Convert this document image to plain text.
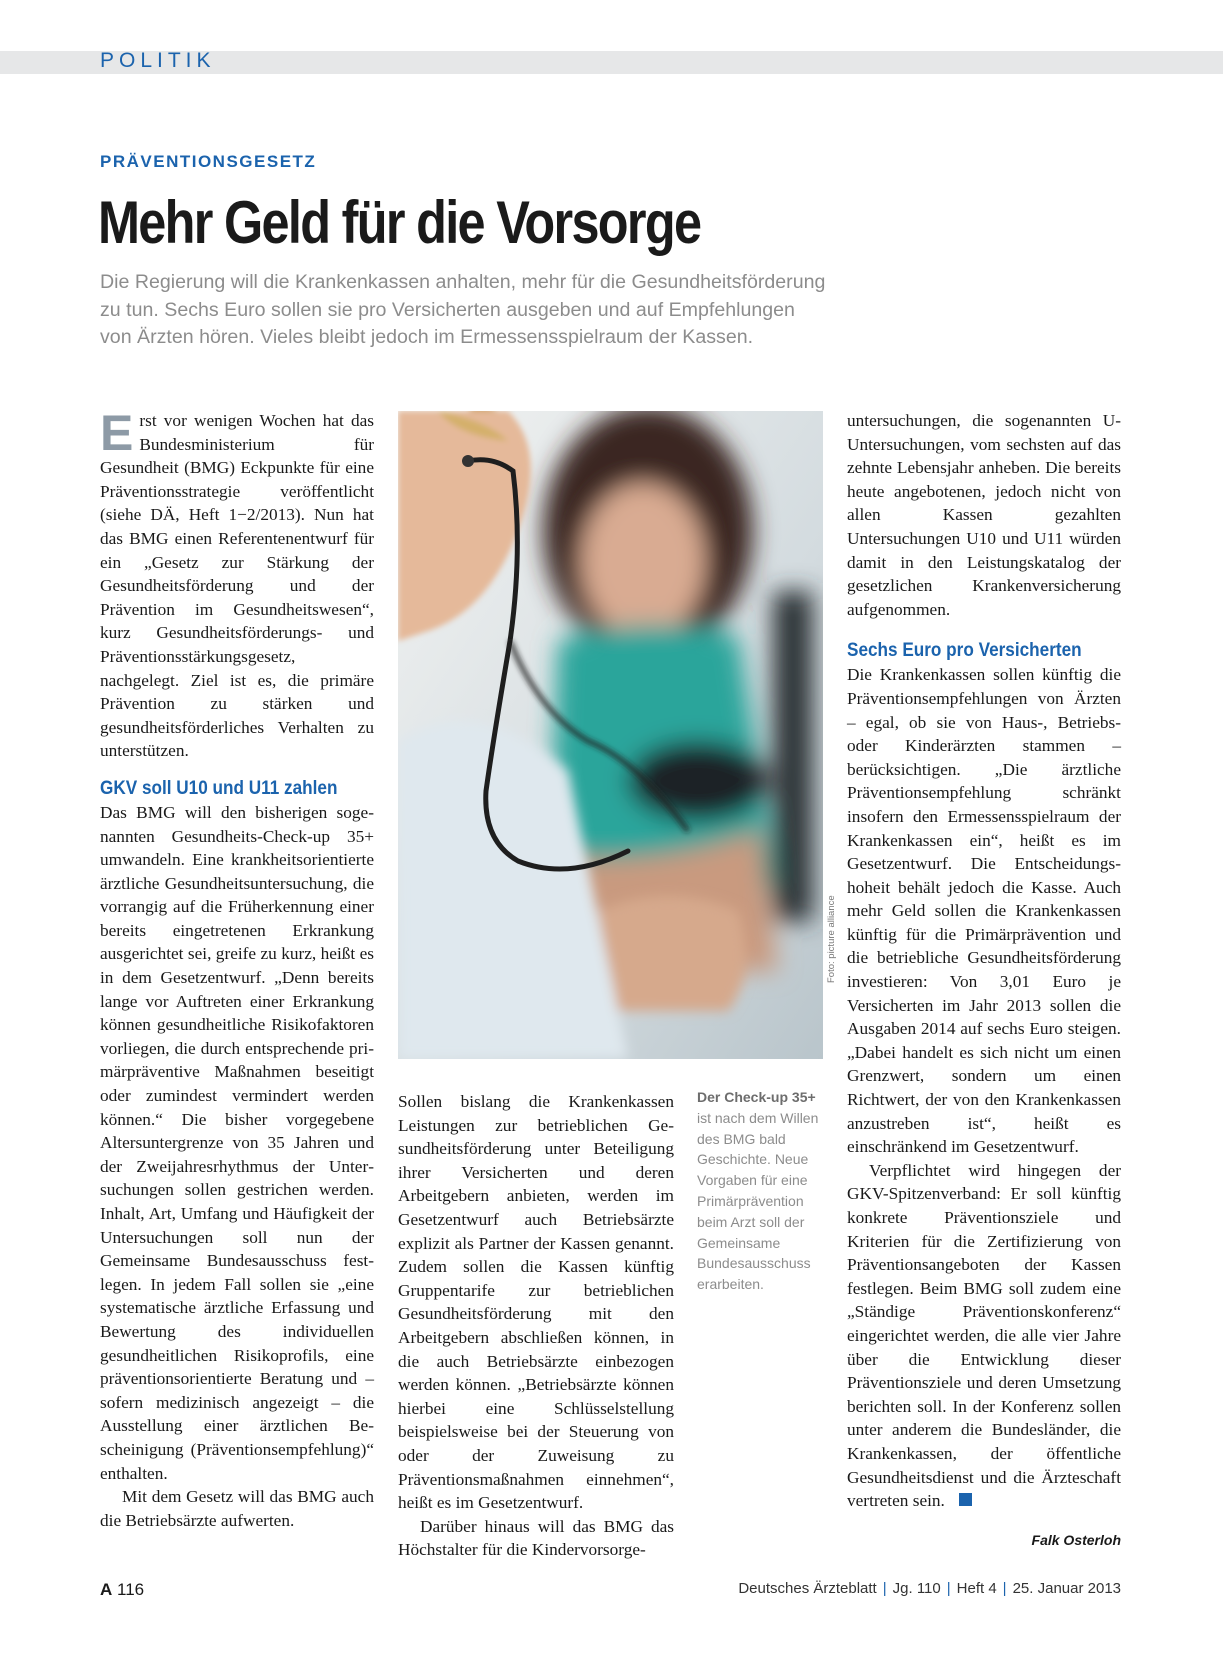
POLITIK
PRÄVENTIONSGESETZ
Mehr Geld für die Vorsorge

Die Regierung will die Krankenkassen anhalten, mehr für die Gesundheitsförderung
zu tun. Sechs Euro sollen sie pro Versicherten ausgeben und auf Empfehlungen
von Ärzten hören. Vieles bleibt jedoch im Ermessensspielraum der Kassen.

Erst vor wenigen Wochen hat das Bundesministerium für Gesundheit (BMG) Eckpunkte für eine Präventionsstrategie veröffentlicht (siehe DÄ, Heft 1−2/2013). Nun hat das BMG einen Referentenentwurf für ein „Gesetz zur Stärkung der Gesundheitsförderung und der Prävention im Gesundheitswesen“, kurz Gesundheitsförderungs- und Präventionsstärkungsgesetz, nachgelegt. Ziel ist es, die primäre Prävention zu stärken und gesundheitsförderliches Verhalten zu unterstützen.

GKV soll U10 und U11 zahlen

Das BMG will den bisherigen sogenannten Gesundheits-Check-up 35+ umwandeln. Eine krankheitsorientierte ärztliche Gesundheitsuntersuchung, die vorrangig auf die Früherkennung einer bereits eingetretenen Erkrankung ausgerichtet sei, greife zu kurz, heißt es in dem Gesetzentwurf. „Denn bereits lange vor Auftreten einer Erkrankung können gesundheitliche Risikofaktoren vorliegen, die durch entsprechende primärpräventive Maßnahmen beseitigt oder zumindest vermindert werden können.“ Die bisher vorgegebene Altersuntergrenze von 35 Jahren und der Zweijahresrhythmus der Untersuchungen sollen gestrichen werden. Inhalt, Art, Umfang und Häufigkeit der Untersuchungen soll nun der Gemeinsame Bundesausschuss festlegen. In jedem Fall sollen sie „eine systematische ärztliche Erfassung und Bewertung des individuellen gesundheitlichen Risikoprofils, eine präventionsorientierte Beratung und – sofern medizinisch angezeigt – die Ausstellung einer ärztlichen Bescheinigung (Präventionsempfehlung)“ enthalten.

Mit dem Gesetz will das BMG auch die Betriebsärzte aufwerten.

Foto: picture alliance

Sollen bislang die Krankenkassen Leistungen zur betrieblichen Gesundheitsförderung unter Beteiligung ihrer Versicherten und deren Arbeitgebern anbieten, werden im Gesetzentwurf auch Betriebsärzte explizit als Partner der Kassen genannt. Zudem sollen die Kassen künftig Gruppentarife zur betrieblichen Gesundheitsförderung mit den Arbeitgebern abschließen können, in die auch Betriebsärzte einbezogen werden können. „Betriebsärzte können hierbei eine Schlüsselstellung beispielsweise bei der Steuerung von oder der Zuweisung zu Präventionsmaßnahmen einnehmen“, heißt es im Gesetzentwurf.

Darüber hinaus will das BMG das Höchstalter für die Kindervorsorge-

Der Check-up 35+ ist nach dem Willen des BMG bald Geschichte. Neue Vorgaben für eine Primärprävention beim Arzt soll der Gemeinsame Bundesausschuss erarbeiten.

untersuchungen, die sogenannten U-Untersuchungen, vom sechsten auf das zehnte Lebensjahr anheben. Die bereits heute angebotenen, jedoch nicht von allen Kassen gezahlten Untersuchungen U10 und U11 würden damit in den Leistungskatalog der gesetzlichen Krankenversicherung aufgenommen.

Sechs Euro pro Versicherten

Die Krankenkassen sollen künftig die Präventionsempfehlungen von Ärzten – egal, ob sie von Haus-, Betriebs- oder Kinderärzten stammen – berücksichtigen. „Die ärztliche Präventionsempfehlung schränkt insofern den Ermessensspielraum der Krankenkassen ein“, heißt es im Gesetzentwurf. Die Entscheidungshoheit behält jedoch die Kasse. Auch mehr Geld sollen die Krankenkassen künftig für die Primärprävention und die betriebliche Gesundheitsförderung investieren: Von 3,01 Euro je Versicherten im Jahr 2013 sollen die Ausgaben 2014 auf sechs Euro steigen. „Dabei handelt es sich nicht um einen Grenzwert, sondern um einen Richtwert, der von den Krankenkassen anzustreben ist“, heißt es einschränkend im Gesetzentwurf.

Verpflichtet wird hingegen der GKV-Spitzenverband: Er soll künftig konkrete Präventionsziele und Kriterien für die Zertifizierung von Präventionsangeboten der Kassen festlegen. Beim BMG soll zudem eine „Ständige Präventionskonferenz“ eingerichtet werden, die alle vier Jahre über die Entwicklung dieser Präventionsziele und deren Umsetzung berichten soll. In der Konferenz sollen unter anderem die Bundesländer, die Krankenkassen, der öffentliche Gesundheitsdienst und die Ärzteschaft vertreten sein.

Falk Osterloh
A 116	Deutsches Ärzteblatt | Jg. 110 | Heft 4 | 25. Januar 2013
